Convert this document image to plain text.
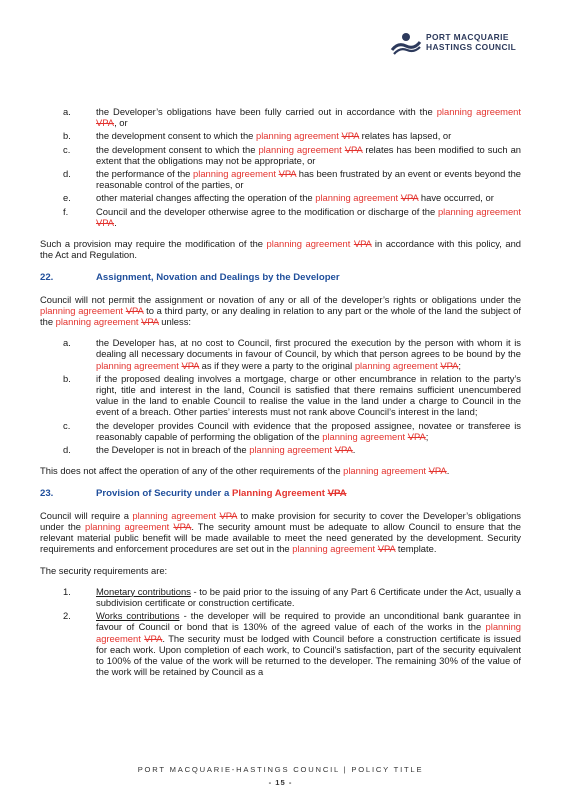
PORT MACQUARIE
HASTINGS COUNCIL
a.	the Developer’s obligations have been fully carried out in accordance with the planning agreement VPA, or
b.	the development consent to which the planning agreement VPA relates has lapsed, or
c.	the development consent to which the planning agreement VPA relates has been modified to such an extent that the obligations may not be appropriate, or
d.	the performance of the planning agreement VPA has been frustrated by an event or events beyond the reasonable control of the parties, or
e.	other material changes affecting the operation of the planning agreement VPA have occurred, or
f.	Council and the developer otherwise agree to the modification or discharge of the planning agreement VPA.

Such a provision may require the modification of the planning agreement VPA in accordance with this policy, and the Act and Regulation.

22.	Assignment, Novation and Dealings by the Developer

Council will not permit the assignment or novation of any or all of the developer’s rights or obligations under the planning agreement VPA to a third party, or any dealing in relation to any part or the whole of the land the subject of the planning agreement VPA unless:

a.	the Developer has, at no cost to Council, first procured the execution by the person with whom it is dealing all necessary documents in favour of Council, by which that person agrees to be bound by the planning agreement VPA as if they were a party to the original planning agreement VPA;
b.	if the proposed dealing involves a mortgage, charge or other encumbrance in relation to the party’s right, title and interest in the land, Council is satisfied that there remains sufficient unencumbered value in the land to enable Council to realise the value in the land under a charge to Council in the event of a breach. Other parties’ interests must not rank above Council’s interest in the land;
c.	the developer provides Council with evidence that the proposed assignee, novatee or transferee is reasonably capable of performing the obligation of the planning agreement VPA;
d.	the Developer is not in breach of the planning agreement VPA.

This does not affect the operation of any of the other requirements of the planning agreement VPA.

23.	Provision of Security under a Planning Agreement VPA

Council will require a planning agreement VPA to make provision for security to cover the Developer’s obligations under the planning agreement VPA. The security amount must be adequate to allow Council to ensure that the relevant material public benefit will be made available to meet the need generated by the development. Security requirements and enforcement procedures are set out in the planning agreement VPA template.

The security requirements are:

1.	Monetary contributions - to be paid prior to the issuing of any Part 6 Certificate under the Act, usually a subdivision certificate or construction certificate.
2.	Works contributions - the developer will be required to provide an unconditional bank guarantee in favour of Council or bond that is 130% of the agreed value of each of the works in the planning agreement VPA. The security must be lodged with Council before a construction certificate is issued for each work. Upon completion of each work, to Council’s satisfaction, part of the security equivalent to 100% of the value of the work will be returned to the developer. The remaining 30% of the value of the work will be retained by Council as a
PORT MACQUARIE-HASTINGS COUNCIL | POLICY TITLE
- 15 -
